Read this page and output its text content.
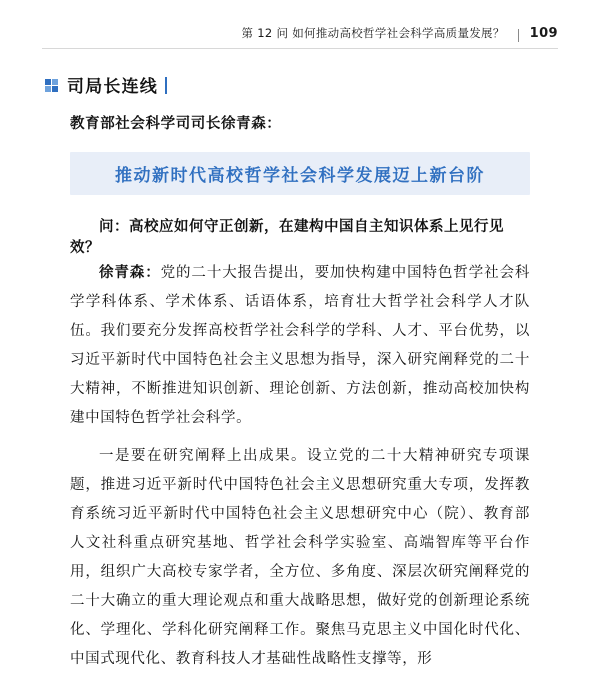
第 12 问 如何推动高校哲学社会科学高质量发展？ 109
司局长连线
教育部社会科学司司长徐青森：
推动新时代高校哲学社会科学发展迈上新台阶
问：高校应如何守正创新，在建构中国自主知识体系上见行见效？
徐青森：党的二十大报告提出，要加快构建中国特色哲学社会科学学科体系、学术体系、话语体系，培育壮大哲学社会科学人才队伍。我们要充分发挥高校哲学社会科学的学科、人才、平台优势，以习近平新时代中国特色社会主义思想为指导，深入研究阐释党的二十大精神，不断推进知识创新、理论创新、方法创新，推动高校加快构建中国特色哲学社会科学。
一是要在研究阐释上出成果。设立党的二十大精神研究专项课题，推进习近平新时代中国特色社会主义思想研究重大专项，发挥教育系统习近平新时代中国特色社会主义思想研究中心（院）、教育部人文社科重点研究基地、哲学社会科学实验室、高端智库等平台作用，组织广大高校专家学者，全方位、多角度、深层次研究阐释党的二十大确立的重大理论观点和重大战略思想，做好党的创新理论系统化、学理化、学科化研究阐释工作。聚焦马克思主义中国化时代化、中国式现代化、教育科技人才基础性战略性支撑等，形
